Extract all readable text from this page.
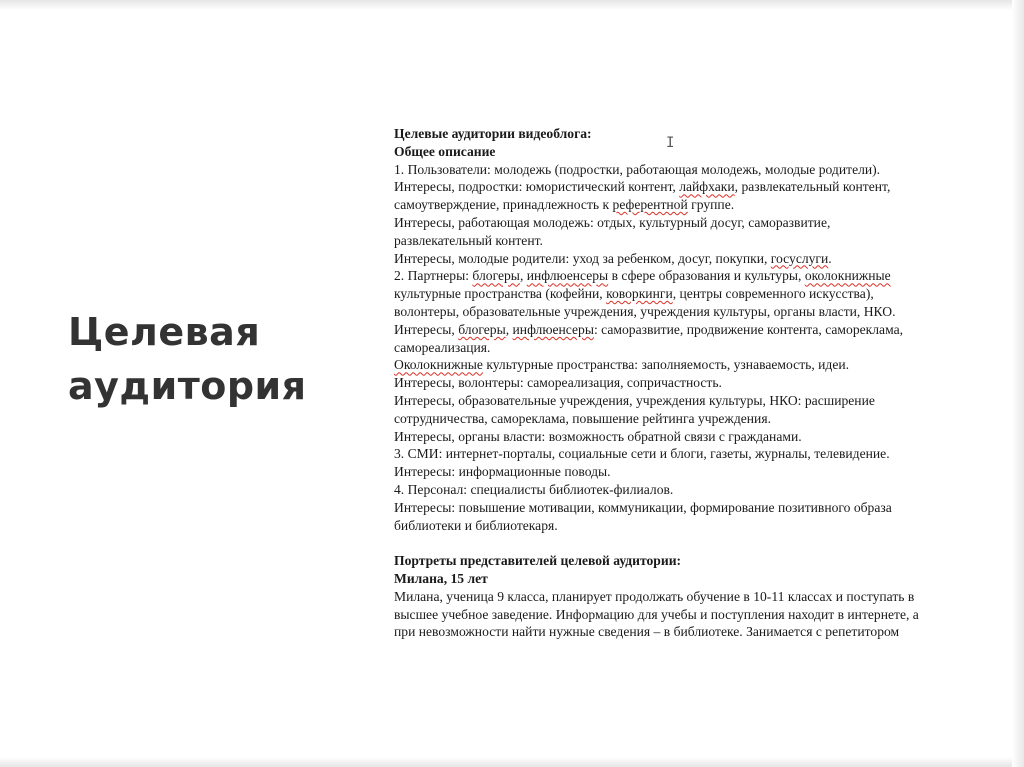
Целевая
аудитория
Целевые аудитории видеоблога:
Общее описание
1. Пользователи: молодежь (подростки, работающая молодежь, молодые родители).
Интересы, подростки: юмористический контент, лайфхаки, развлекательный контент,
самоутверждение, принадлежность к референтной группе.
Интересы, работающая молодежь: отдых, культурный досуг, саморазвитие,
развлекательный контент.
Интересы, молодые родители: уход за ребенком, досуг, покупки, госуслуги.
2. Партнеры: блогеры, инфлюенсеры в сфере образования и культуры, околокнижные
культурные пространства (кофейни, коворкинги, центры современного искусства),
волонтеры, образовательные учреждения, учреждения культуры, органы власти, НКО.
Интересы, блогеры, инфлюенсеры: саморазвитие, продвижение контента, самореклама,
самореализация.
Околокнижные культурные пространства: заполняемость, узнаваемость, идеи.
Интересы, волонтеры: самореализация, сопричастность.
Интересы, образовательные учреждения, учреждения культуры, НКО: расширение
сотрудничества, самореклама, повышение рейтинга учреждения.
Интересы, органы власти: возможность обратной связи с гражданами.
3. СМИ: интернет-порталы, социальные сети и блоги, газеты, журналы, телевидение.
Интересы: информационные поводы.
4. Персонал: специалисты библиотек-филиалов.
Интересы: повышение мотивации, коммуникации, формирование позитивного образа
библиотеки и библиотекаря.
Портреты представителей целевой аудитории:
Милана, 15 лет
Милана, ученица 9 класса, планирует продолжать обучение в 10-11 классах и поступать в
высшее учебное заведение. Информацию для учебы и поступления находит в интернете, а
при невозможности найти нужные сведения – в библиотеке. Занимается с репетитором
I
